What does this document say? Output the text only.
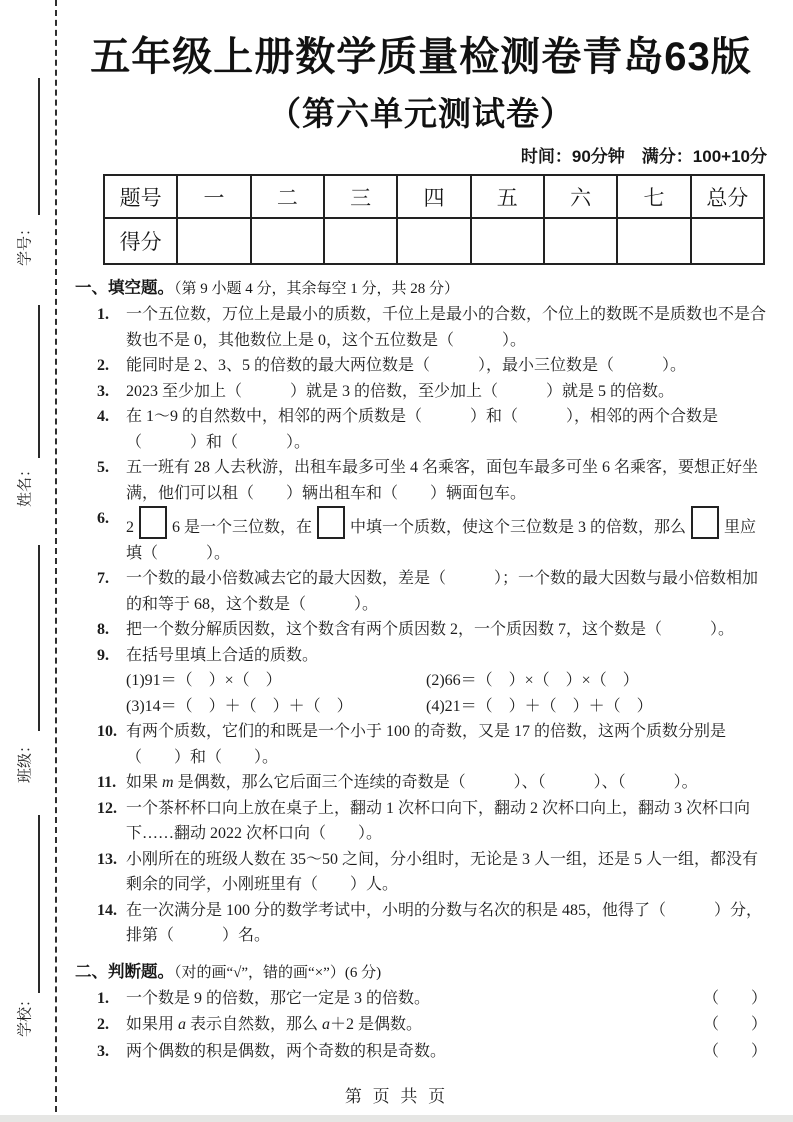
学号：
姓名：
班级：
学校：
五年级上册数学质量检测卷青岛63版
（第六单元测试卷）
时间：90分钟　满分：100+10分
题号	一	二	三	四	五	六	七	总分
得分								
一、填空题。（第 9 小题 4 分，其余每空 1 分，共 28 分）
1.	一个五位数，万位上是最小的质数，千位上是最小的合数，个位上的数既不是质数也不是合数也不是 0，其他数位上是 0，这个五位数是（　　　）。
2.	能同时是 2、3、5 的倍数的最大两位数是（　　　），最小三位数是（　　　）。
3.	2023 至少加上（　　　）就是 3 的倍数，至少加上（　　　）就是 5 的倍数。
4.	在 1～9 的自然数中，相邻的两个质数是（　　　）和（　　　），相邻的两个合数是（　　　）和（　　　）。
5.	五一班有 28 人去秋游，出租车最多可坐 4 名乘客，面包车最多可坐 6 名乘客，要想正好坐满，他们可以租（　　）辆出租车和（　　）辆面包车。
6.
2 6 是一个三位数，在 中填一个质数，使这个三位数是 3 的倍数，那么 里应填（　　　）。
7.	一个数的最小倍数减去它的最大因数，差是（　　　）；一个数的最大因数与最小倍数相加的和等于 68，这个数是（　　　）。
8.	把一个数分解质因数，这个数含有两个质因数 2，一个质因数 7，这个数是（　　　）。
9.	在括号里填上合适的质数。
(1)91＝（　）×（　）	(2)66＝（　）×（　）×（　）
(3)14＝（　）＋（　）＋（　）	(4)21＝（　）＋（　）＋（　）
10. 有两个质数，它们的和既是一个小于 100 的奇数，又是 17 的倍数，这两个质数分别是（　　）和（　　）。
11. 如果 m 是偶数，那么它后面三个连续的奇数是（　　　）、（　　　）、（　　　）。
12. 一个茶杯杯口向上放在桌子上，翻动 1 次杯口向下，翻动 2 次杯口向上，翻动 3 次杯口向下……翻动 2022 次杯口向（　　）。
13. 小刚所在的班级人数在 35～50 之间，分小组时，无论是 3 人一组，还是 5 人一组，都没有剩余的同学，小刚班里有（　　）人。
14. 在一次满分是 100 分的数学考试中，小明的分数与名次的积是 485，他得了（　　　）分，排第（　　　）名。
二、判断题。（对的画“√”，错的画“×”）(6 分)
1.	一个数是 9 的倍数，那它一定是 3 的倍数。	（　　）
2.	如果用 a 表示自然数，那么 a＋2 是偶数。	（　　）
3.	两个偶数的积是偶数，两个奇数的积是奇数。	（　　）
第 页 共 页
